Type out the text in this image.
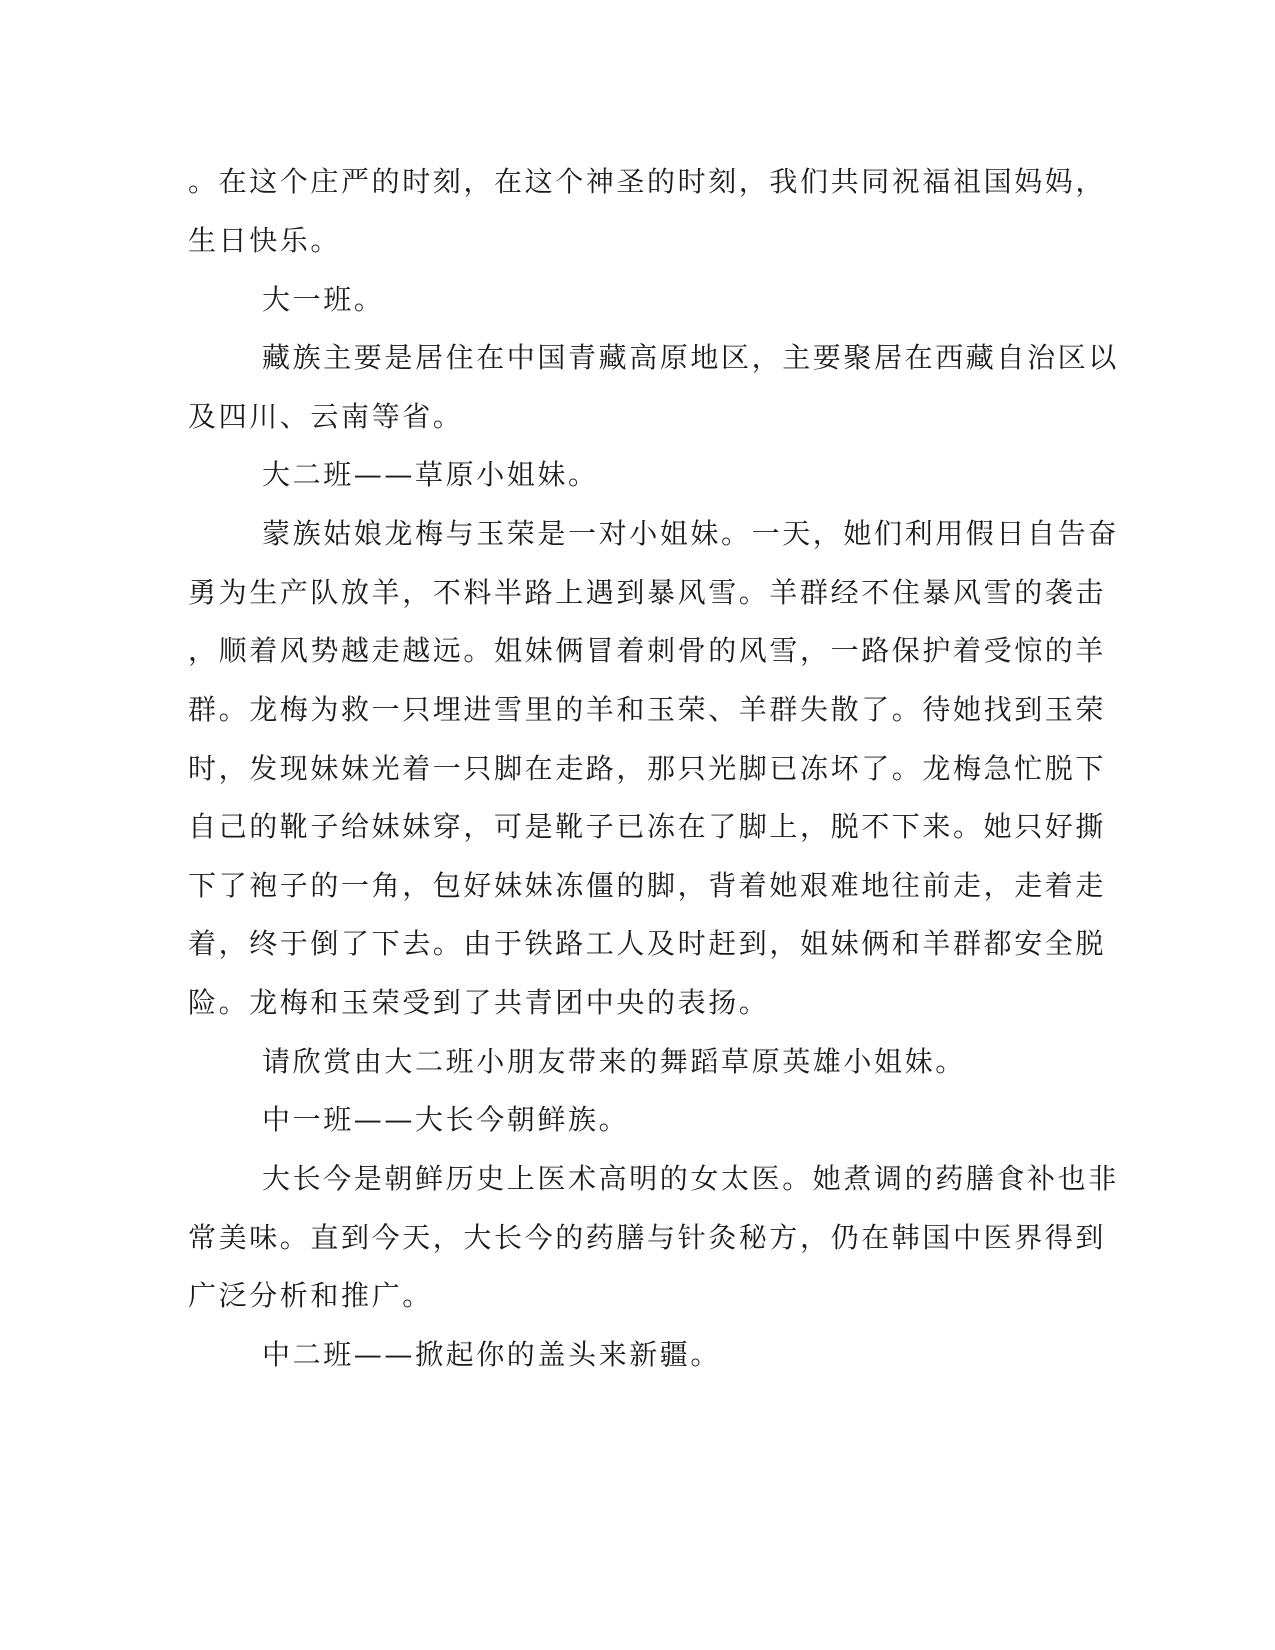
。在这个庄严的时刻，在这个神圣的时刻，我们共同祝福祖国妈妈，
生日快乐。
大一班。
藏族主要是居住在中国青藏高原地区，主要聚居在西藏自治区以
及四川、云南等省。
大二班——草原小姐妹。
蒙族姑娘龙梅与玉荣是一对小姐妹。一天，她们利用假日自告奋
勇为生产队放羊，不料半路上遇到暴风雪。羊群经不住暴风雪的袭击
，顺着风势越走越远。姐妹俩冒着刺骨的风雪，一路保护着受惊的羊
群。龙梅为救一只埋进雪里的羊和玉荣、羊群失散了。待她找到玉荣
时，发现妹妹光着一只脚在走路，那只光脚已冻坏了。龙梅急忙脱下
自己的靴子给妹妹穿，可是靴子已冻在了脚上，脱不下来。她只好撕
下了袍子的一角，包好妹妹冻僵的脚，背着她艰难地往前走，走着走
着，终于倒了下去。由于铁路工人及时赶到，姐妹俩和羊群都安全脱
险。龙梅和玉荣受到了共青团中央的表扬。
请欣赏由大二班小朋友带来的舞蹈草原英雄小姐妹。
中一班——大长今朝鲜族。
大长今是朝鲜历史上医术高明的女太医。她煮调的药膳食补也非
常美味。直到今天，大长今的药膳与针灸秘方，仍在韩国中医界得到
广泛分析和推广。
中二班——掀起你的盖头来新疆。
